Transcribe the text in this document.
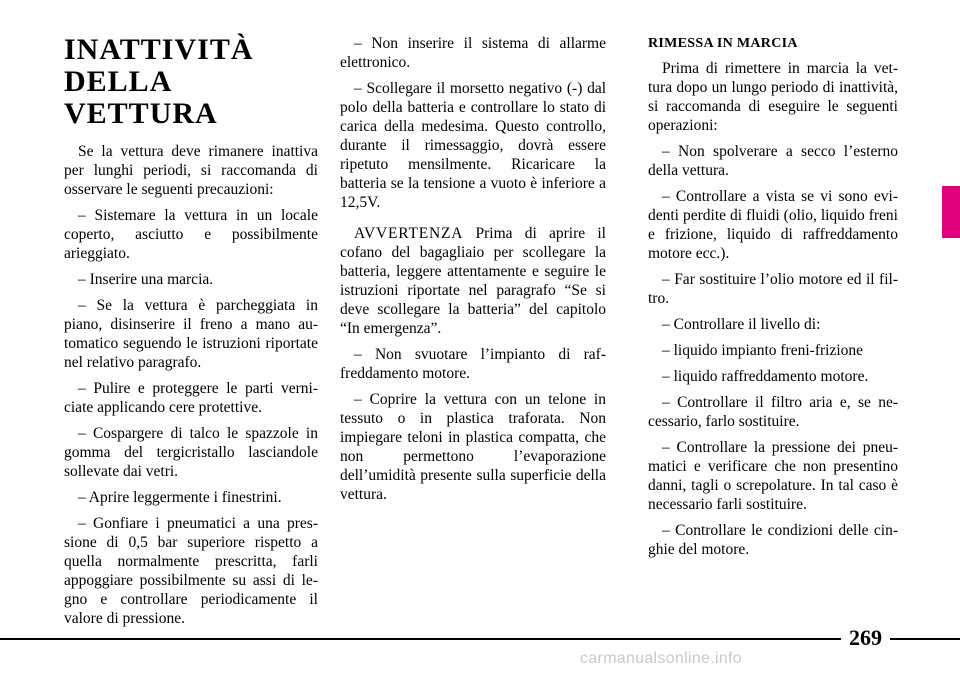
INATTIVITÀ
DELLA VETTURA

Se la vettura deve rimanere inattiva per lunghi periodi, si raccomanda di osservare le seguenti precauzioni:

– Sistemare la vettura in un locale coperto, asciutto e possibilmente arieggiato.

– Inserire una marcia.

– Se la vettura è parcheggiata in piano, disinserire il freno a mano automatico seguendo le istruzioni riportate nel relativo paragrafo.

– Pulire e proteggere le parti verniciate applicando cere protettive.

– Cospargere di talco le spazzole in gomma del tergicristallo lasciandole sollevate dai vetri.

– Aprire leggermente i finestrini.

– Gonfiare i pneumatici a una pressione di 0,5 bar superiore rispetto a quella normalmente prescritta, farli appoggiare possibilmente su assi di legno e controllare periodicamente il valore di pressione.

– Non inserire il sistema di allarme elettronico.

– Scollegare il morsetto negativo (-) dal polo della batteria e controllare lo stato di carica della medesima. Questo controllo, durante il rimessaggio, dovrà essere ripetuto mensilmente. Ricaricare la batteria se la tensione a vuoto è inferiore a 12,5V.

AVVERTENZA Prima di aprire il cofano del bagagliaio per scollegare la batteria, leggere attentamente e seguire le istruzioni riportate nel paragrafo “Se si deve scollegare la batteria” del capitolo “In emergenza”.

– Non svuotare l’impianto di raffreddamento motore.

– Coprire la vettura con un telone in tessuto o in plastica traforata. Non impiegare teloni in plastica compatta, che non permettono l’evaporazione dell’umidità presente sulla superficie della vettura.

RIMESSA IN MARCIA

Prima di rimettere in marcia la vettura dopo un lungo periodo di inattività, si raccomanda di eseguire le seguenti operazioni:

– Non spolverare a secco l’esterno della vettura.

– Controllare a vista se vi sono evidenti perdite di fluidi (olio, liquido freni e frizione, liquido di raffreddamento motore ecc.).

– Far sostituire l’olio motore ed il filtro.

– Controllare il livello di:

– liquido impianto freni-frizione

– liquido raffreddamento motore.

– Controllare il filtro aria e, se necessario, farlo sostituire.

– Controllare la pressione dei pneumatici e verificare che non presentino danni, tagli o screpolature. In tal caso è necessario farli sostituire.

– Controllare le condizioni delle cinghie del motore.

269
carmanualsonline.info
